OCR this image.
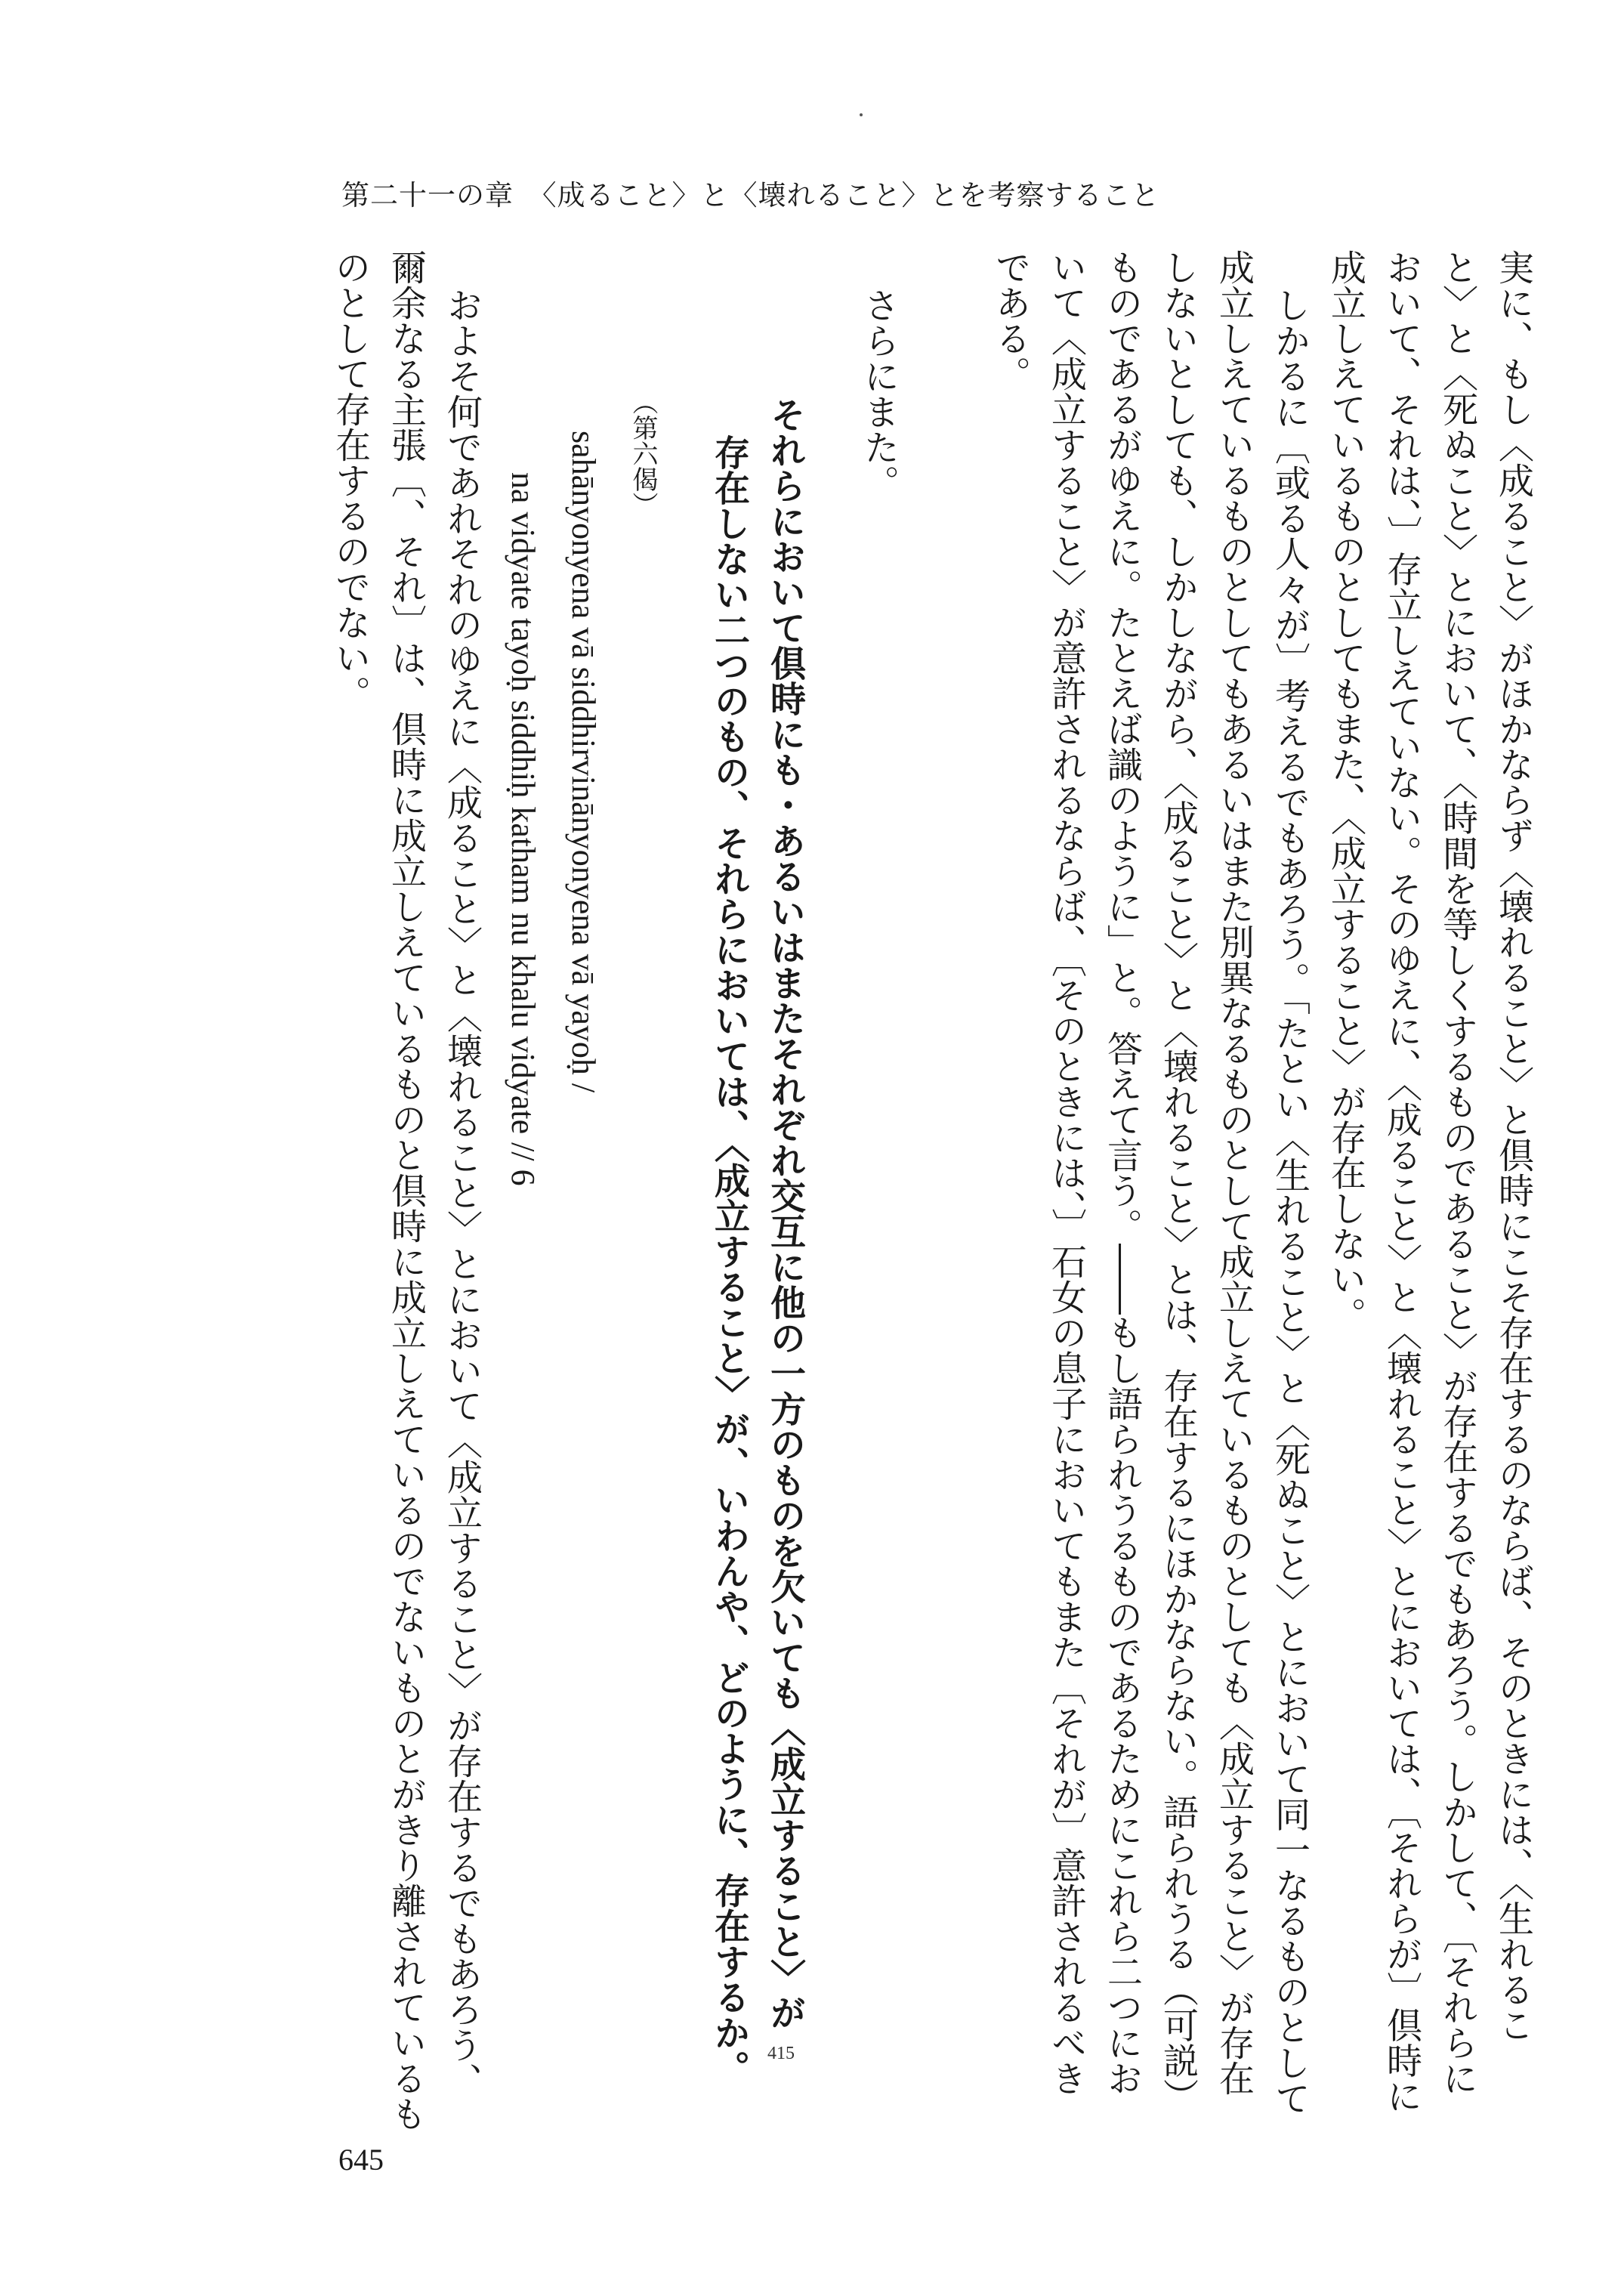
第二十一の章　〈成ること〉と〈壊れること〉とを考察すること
実に、もし〈成ること〉がほかならず〈壊れること〉と倶時にこそ存在するのならば、そのときには、〈生れるこ
と〉と〈死ぬこと〉とにおいて、〈時間を等しくするものであること〉が存在するでもあろう。しかして、〔それらに
おいて、それは、〕存立しえていない。そのゆえに、〈成ること〉と〈壊れること〉とにおいては、〔それらが〕倶時に
成立しえているものとしてもまた、〈成立すること〉が存在しない。
しかるに〔或る人々が〕考えるでもあろう。「たとい〈生れること〉と〈死ぬこと〉とにおいて同一なるものとして
成立しえているものとしてもあるいはまた別異なるものとして成立しえているものとしても〈成立すること〉が存在
しないとしても、しかしながら、〈成ること〉と〈壊れること〉とは、存在するにほかならない。語られうる（可説）
ものであるがゆえに。たとえば識のように」と。答えて言う。――もし語られうるものであるためにこれら二つにお
いて〈成立すること〉が意許されるならば、〔そのときには、〕石女の息子においてもまた〔それが〕意許されるべき
である。
さらにまた。
それらにおいて倶時にも・あるいはまたそれぞれ交互に他の一方のものを欠いても〈成立すること〉が
存在しない二つのもの、それらにおいては、〈成立すること〉が、いわんや、どのように、存在するか。
（第六偈）
sahānyonyena vā siddhirvinānyonyena vā yayoḥ /
na vidyate tayoḥ siddhiḥ katham nu khalu vidyate // 6
およそ何であれそれのゆえに〈成ること〉と〈壊れること〉とにおいて〈成立すること〉が存在するでもあろう、
爾余なる主張〔、それ〕は、倶時に成立しえているものと倶時に成立しえているのでないものとがきり離されているも
のとして存在するのでない。
415
645
